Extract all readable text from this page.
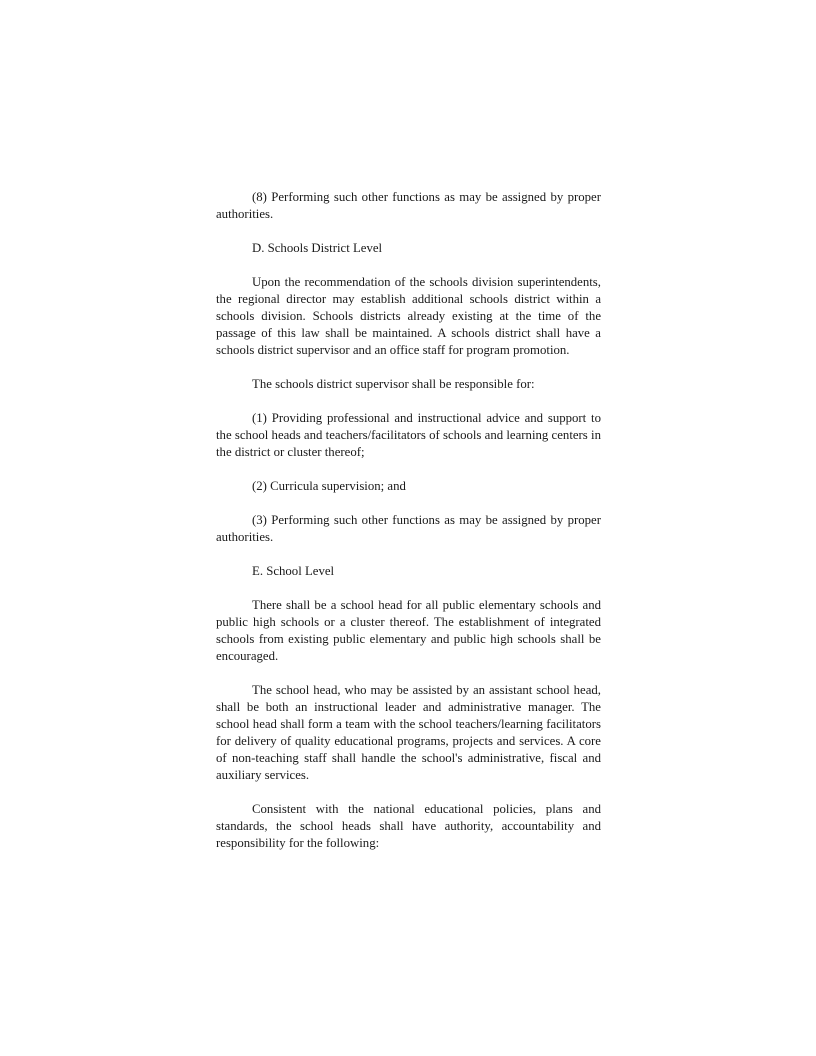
(8) Performing such other functions as may be assigned by proper authorities.

D. Schools District Level

Upon the recommendation of the schools division superintendents, the regional director may establish additional schools district within a schools division. Schools districts already existing at the time of the passage of this law shall be maintained. A schools district shall have a schools district supervisor and an office staff for program promotion.

The schools district supervisor shall be responsible for:

(1) Providing professional and instructional advice and support to the school heads and teachers/facilitators of schools and learning centers in the district or cluster thereof;

(2) Curricula supervision; and

(3) Performing such other functions as may be assigned by proper authorities.

E. School Level

There shall be a school head for all public elementary schools and public high schools or a cluster thereof. The establishment of integrated schools from existing public elementary and public high schools shall be encouraged.

The school head, who may be assisted by an assistant school head, shall be both an instructional leader and administrative manager. The school head shall form a team with the school teachers/learning facilitators for delivery of quality educational programs, projects and services. A core of non-teaching staff shall handle the school's administrative, fiscal and auxiliary services.

Consistent with the national educational policies, plans and standards, the school heads shall have authority, accountability and responsibility for the following:
